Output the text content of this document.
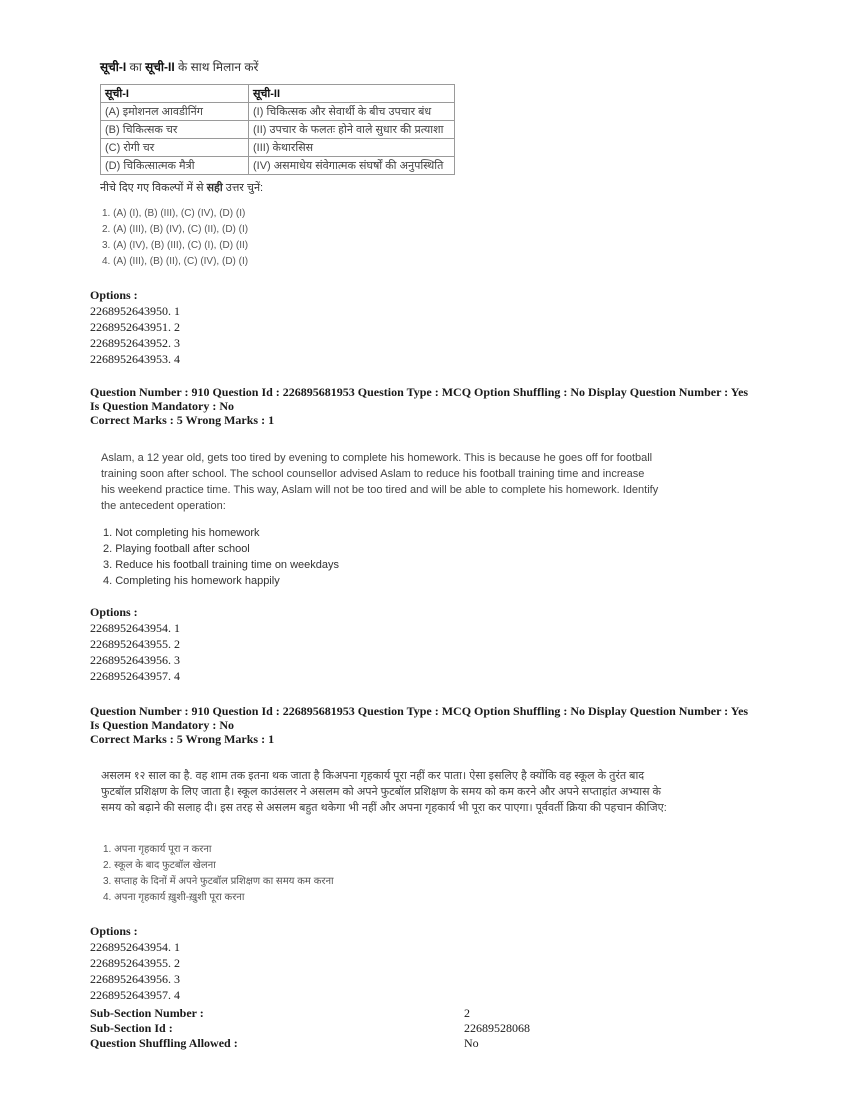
सूची-I का सूची-II के साथ मिलान करें
सूची-I	सूची-II
(A) इमोशनल आवडीनिंग	(I) चिकित्सक और सेवार्थी के बीच उपचार बंध
(B) चिकित्सक चर	(II) उपचार के फलतः होने वाले सुधार की प्रत्याशा
(C) रोगी चर	(III) केथारसिस
(D) चिकित्सात्मक मैत्री	(IV) असमाधेय संवेगात्मक संघर्षों की अनुपस्थिति
नीचे दिए गए विकल्पों में से सही उत्तर चुनें:
1. (A) (I), (B) (III), (C) (IV), (D) (I)
2. (A) (III), (B) (IV), (C) (II), (D) (I)
3. (A) (IV), (B) (III), (C) (I), (D) (II)
4. (A) (III), (B) (II), (C) (IV), (D) (I)
Options :
2268952643950. 1
2268952643951. 2
2268952643952. 3
2268952643953. 4
Question Number : 910 Question Id : 226895681953 Question Type : MCQ Option Shuffling : No Display Question Number : Yes Is Question Mandatory : No
Correct Marks : 5 Wrong Marks : 1
Aslam, a 12 year old, gets too tired by evening to complete his homework. This is because he goes off for football training soon after school. The school counsellor advised Aslam to reduce his football training time and increase his weekend practice time. This way, Aslam will not be too tired and will be able to complete his homework. Identify the antecedent operation:
1. Not completing his homework
2. Playing football after school
3. Reduce his football training time on weekdays
4. Completing his homework happily
Options :
2268952643954. 1
2268952643955. 2
2268952643956. 3
2268952643957. 4
Question Number : 910 Question Id : 226895681953 Question Type : MCQ Option Shuffling : No Display Question Number : Yes Is Question Mandatory : No
Correct Marks : 5 Wrong Marks : 1
असलम १२ साल का है. वह शाम तक इतना थक जाता है किअपना गृहकार्य पूरा नहीं कर पाता। ऐसा इसलिए है क्योंकि वह स्कूल के तुरंत बाद फुटबॉल प्रशिक्षण के लिए जाता है। स्कूल काउंसलर ने असलम को अपने फुटबॉल प्रशिक्षण के समय को कम करने और अपने सप्ताहांत अभ्यास के समय को बढ़ाने की सलाह दी। इस तरह से असलम बहुत थकेगा भी नहीं और अपना गृहकार्य भी पूरा कर पाएगा। पूर्ववर्ती क्रिया की पहचान कीजिए:
1. अपना गृहकार्य पूरा न करना
2. स्कूल के बाद फुटबॉल खेलना
3. सप्ताह के दिनों में अपने फुटबॉल प्रशिक्षण का समय कम करना
4. अपना गृहकार्य ख़ुशी-ख़ुशी पूरा करना
Options :
2268952643954. 1
2268952643955. 2
2268952643956. 3
2268952643957. 4
Sub-Section Number :	2
Sub-Section Id :	22689528068
Question Shuffling Allowed :	No
